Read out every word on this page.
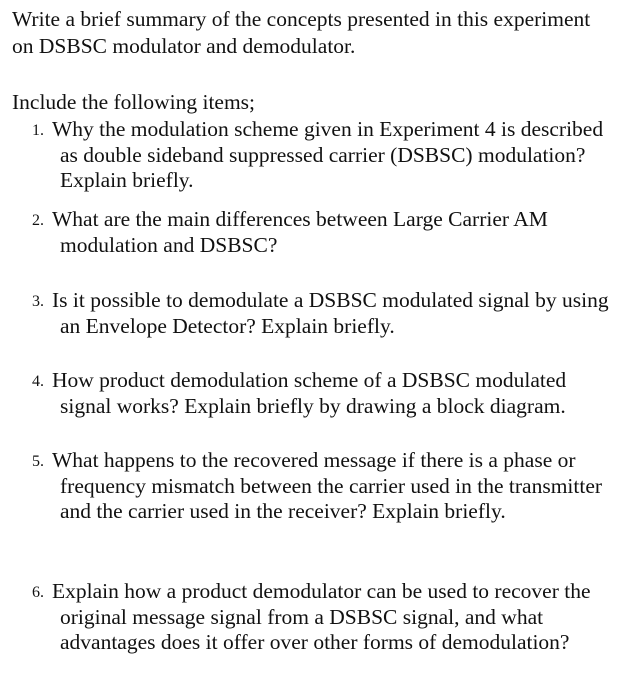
Write a brief summary of the concepts presented in this experiment on DSBSC modulator and demodulator.

Include the following items;

1. Why the modulation scheme given in Experiment 4 is described as double sideband suppressed carrier (DSBSC) modulation? Explain briefly.
2. What are the main differences between Large Carrier AM modulation and DSBSC?
3. Is it possible to demodulate a DSBSC modulated signal by using an Envelope Detector? Explain briefly.
4. How product demodulation scheme of a DSBSC modulated signal works? Explain briefly by drawing a block diagram.
5. What happens to the recovered message if there is a phase or frequency mismatch between the carrier used in the transmitter and the carrier used in the receiver? Explain briefly.
6. Explain how a product demodulator can be used to recover the original message signal from a DSBSC signal, and what advantages does it offer over other forms of demodulation?
